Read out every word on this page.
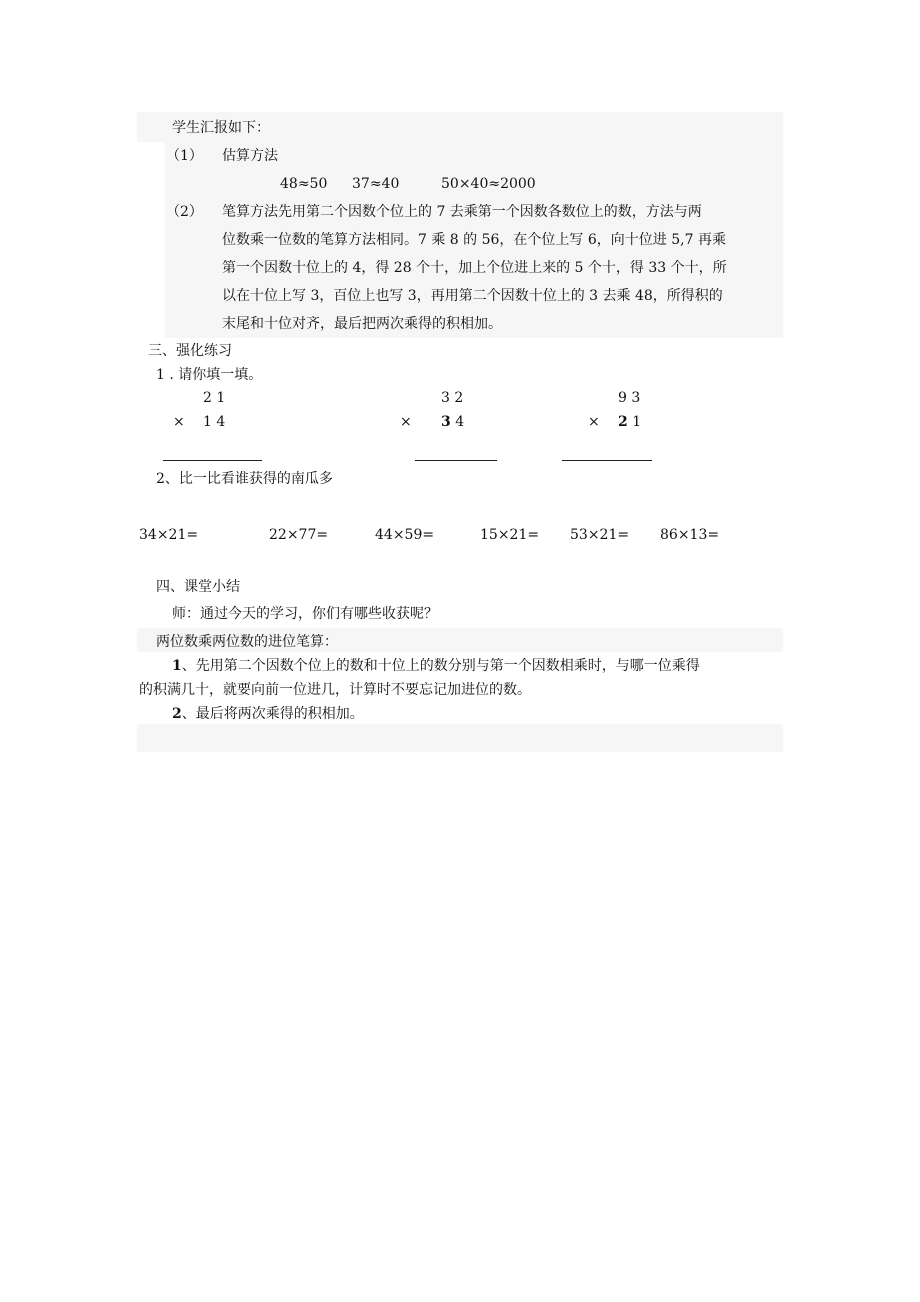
学生汇报如下：
（1） 估算方法
48≈50 37≈40	50×40≈2000
（2） 笔算方法先用第二个因数个位上的 7 去乘第一个因数各数位上的数，方法与两
位数乘一位数的笔算方法相同。7 乘 8 的 56，在个位上写 6，向十位进 5,7 再乘
第一个因数十位上的 4，得 28 个十，加上个位进上来的 5 个十，得 33 个十，所
以在十位上写 3，百位上也写 3，再用第二个因数十位上的 3 去乘 48，所得积的
末尾和十位对齐，最后把两次乘得的积相加。
三、强化练习
1 . 请你填一填。
2 1
× 1 4
3 2
× 3 4
9 3
× 2 1
2、比一比看谁获得的南瓜多
34×21=	22×77=	44×59=	15×21= 53×21= 86×13=
四、课堂小结
师：通过今天的学习，你们有哪些收获呢？
两位数乘两位数的进位笔算：
1、先用第二个因数个位上的数和十位上的数分别与第一个因数相乘时，与哪一位乘得
的积满几十，就要向前一位进几，计算时不要忘记加进位的数。
2、最后将两次乘得的积相加。
